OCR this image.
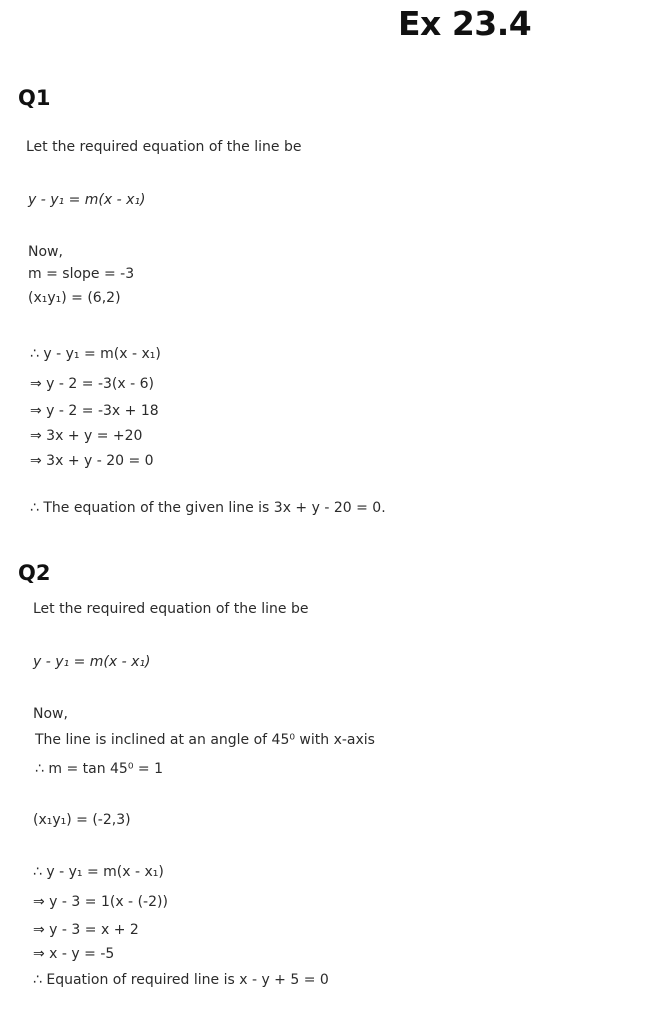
Ex 23.4
Q1
Let the required equation of the line be
y - y₁ = m(x - x₁)
Now,
m = slope = -3
(x₁y₁) = (6,2)
∴ y - y₁ = m(x - x₁)
⇒ y - 2 = -3(x - 6)
⇒ y - 2 = -3x + 18
⇒ 3x + y = +20
⇒ 3x + y - 20 = 0
∴ The equation of the given line is 3x + y - 20 = 0.
Q2
Let the required equation of the line be
y - y₁ = m(x - x₁)
Now,
The line is inclined at an angle of 45⁰ with x-axis
∴ m = tan 45⁰ = 1
(x₁y₁) = (-2,3)
∴ y - y₁ = m(x - x₁)
⇒ y - 3 = 1(x - (-2))
⇒ y - 3 = x + 2
⇒ x - y = -5
∴ Equation of required line is x - y + 5 = 0
